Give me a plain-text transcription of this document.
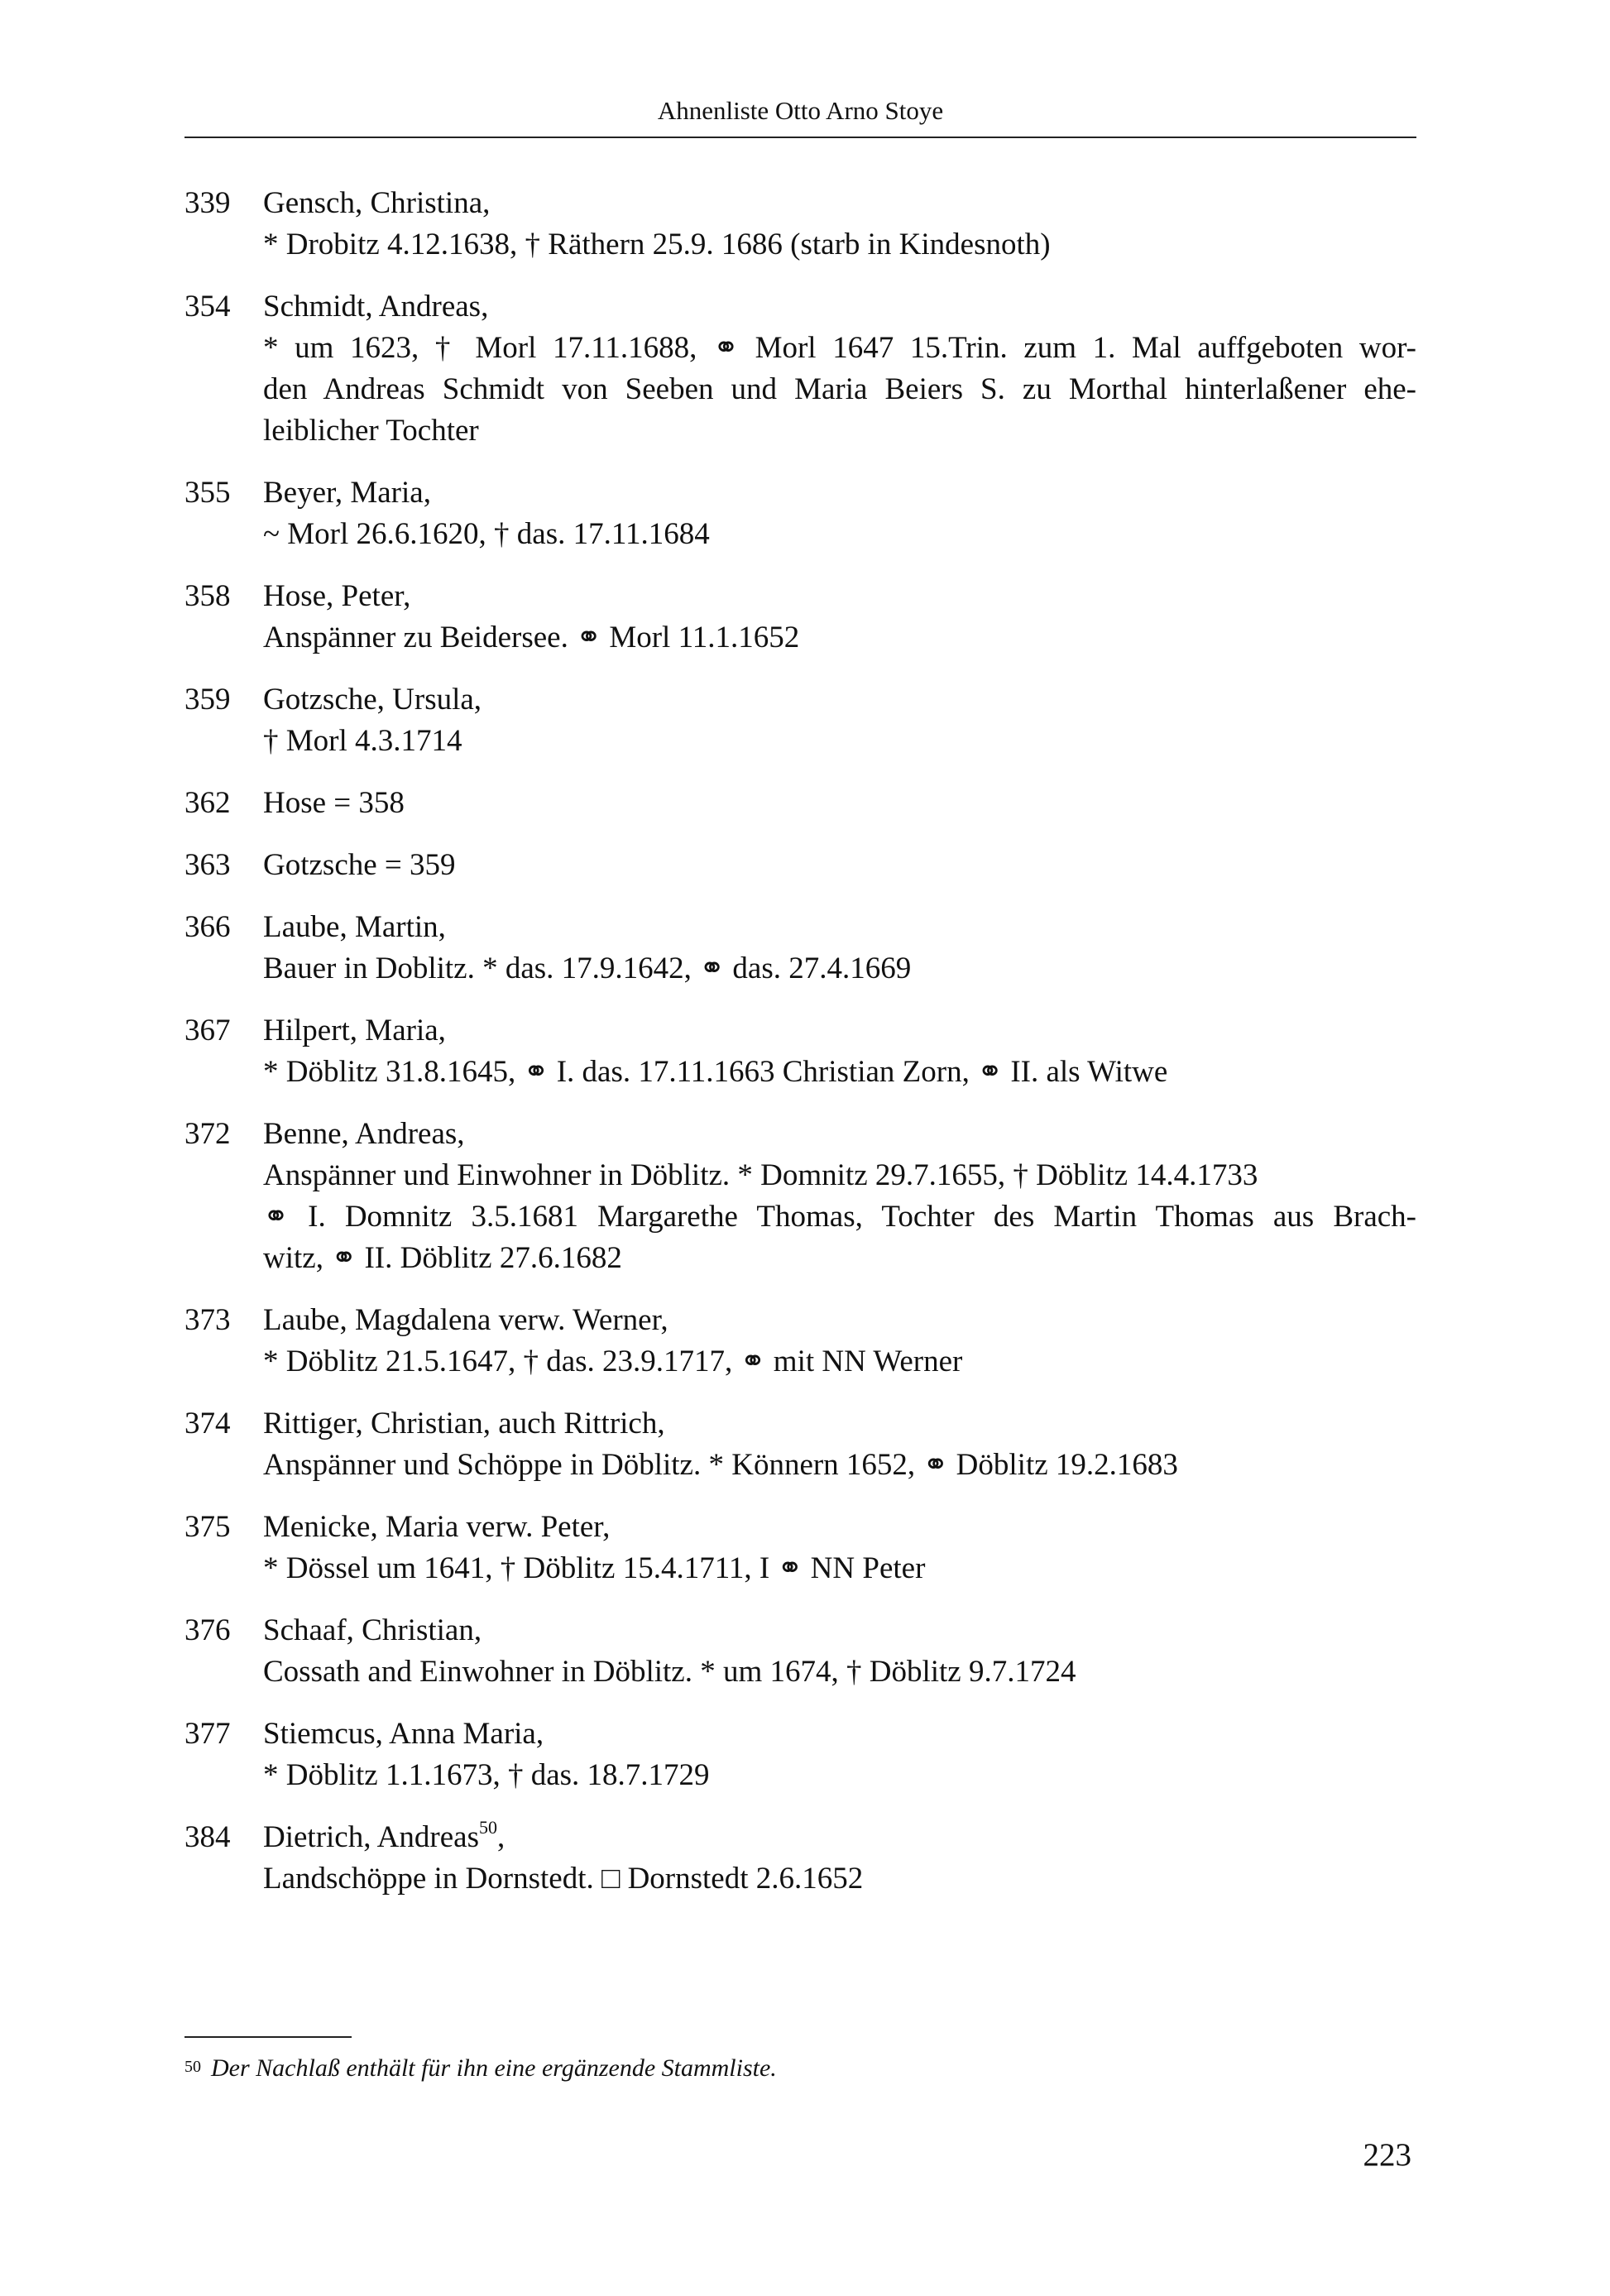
Ahnenliste Otto Arno Stoye
339	Gensch, Christina,
* Drobitz 4.12.1638, † Räthern 25.9. 1686 (starb in Kindesnoth)
354	Schmidt, Andreas,
* um 1623, † Morl 17.11.1688, ⚭ Morl 1647 15.Trin. zum 1. Mal auffgeboten wor-
den Andreas Schmidt von Seeben und Maria Beiers S. zu Morthal hinterlaßener ehe-
leiblicher Tochter
355	Beyer, Maria,
~ Morl 26.6.1620, † das. 17.11.1684
358	Hose, Peter,
Anspänner zu Beidersee. ⚭ Morl 11.1.1652
359	Gotzsche, Ursula,
† Morl 4.3.1714
362	Hose = 358
363	Gotzsche = 359
366	Laube, Martin,
Bauer in Doblitz. * das. 17.9.1642, ⚭ das. 27.4.1669
367	Hilpert, Maria,
* Döblitz 31.8.1645, ⚭ I. das. 17.11.1663 Christian Zorn, ⚭ II. als Witwe
372	Benne, Andreas,
Anspänner und Einwohner in Döblitz. * Domnitz 29.7.1655, † Döblitz 14.4.1733
⚭ I. Domnitz 3.5.1681 Margarethe Thomas, Tochter des Martin Thomas aus Brach-
witz, ⚭ II. Döblitz 27.6.1682
373	Laube, Magdalena verw. Werner,
* Döblitz 21.5.1647, † das. 23.9.1717, ⚭ mit NN Werner
374	Rittiger, Christian, auch Rittrich,
Anspänner und Schöppe in Döblitz. * Könnern 1652, ⚭ Döblitz 19.2.1683
375	Menicke, Maria verw. Peter,
* Dössel um 1641, † Döblitz 15.4.1711, I ⚭ NN Peter
376	Schaaf, Christian,
Cossath and Einwohner in Döblitz. * um 1674, † Döblitz 9.7.1724
377	Stiemcus, Anna Maria,
* Döblitz 1.1.1673, † das. 18.7.1729
384	Dietrich, Andreas$^{50}$,
Landschöppe in Dornstedt. □ Dornstedt 2.6.1652
$^{50}$ Der Nachlaß enthält für ihn eine ergänzende Stammliste.
223
